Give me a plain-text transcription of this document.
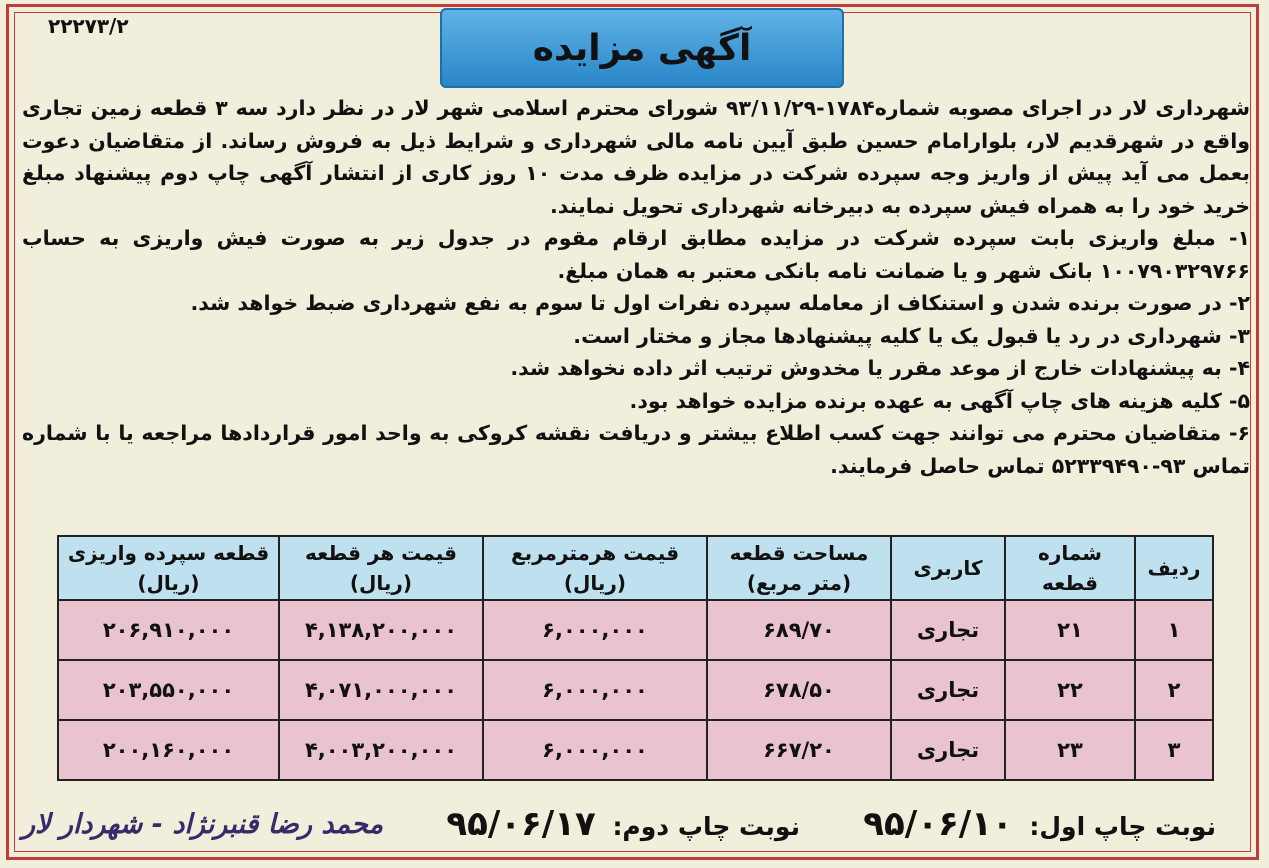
۲۲۲۷۳/۲
آگهی مزایده

شهرداری لار در اجرای مصوبه شماره۱۷۸۴-۹۳/۱۱/۲۹ شورای محترم اسلامی شهر لار در نظر دارد سه ۳ قطعه زمین تجاری واقع در شهرقدیم لار، بلوارامام حسین طبق آیین نامه مالی شهرداری و شرایط ذیل به فروش رساند. از متقاضیان دعوت بعمل می آید پیش از واریز وجه سپرده شرکت در مزایده ظرف مدت ۱۰ روز کاری از انتشار آگهی چاپ دوم پیشنهاد مبلغ خرید خود را به همراه فیش سپرده به دبیرخانه شهرداری تحویل نمایند.

۱- مبلغ واریزی بابت سپرده شرکت در مزایده مطابق ارقام مقوم در جدول زیر به صورت فیش واریزی به حساب ۱۰۰۷۹۰۳۲۹۷۶۶ بانک شهر و یا ضمانت نامه بانکی معتبر به همان مبلغ.

۲- در صورت برنده شدن و استنکاف از معامله سپرده نفرات اول تا سوم به نفع شهرداری ضبط خواهد شد.

۳- شهرداری در رد یا قبول یک یا کلیه پیشنهادها مجاز و مختار است.

۴- به پیشنهادات خارج از موعد مقرر یا مخدوش ترتیب اثر داده نخواهد شد.

۵- کلیه هزینه های چاپ آگهی به عهده برنده مزایده خواهد بود.

۶- متقاضیان محترم می توانند جهت کسب اطلاع بیشتر و دریافت نقشه کروکی به واحد امور قراردادها مراجعه یا با شماره تماس ۹۳-۵۲۳۳۹۴۹۰ تماس حاصل فرمایند.

ردیف	شماره قطعه	کاربری	مساحت قطعه (متر مربع)	قیمت هرمترمربع (ریال)	قیمت هر قطعه (ریال)	قطعه سپرده واریزی (ریال)
۱	۲۱	تجاری	۶۸۹/۷۰	۶,۰۰۰,۰۰۰	۴,۱۳۸,۲۰۰,۰۰۰	۲۰۶,۹۱۰,۰۰۰
۲	۲۲	تجاری	۶۷۸/۵۰	۶,۰۰۰,۰۰۰	۴,۰۷۱,۰۰۰,۰۰۰	۲۰۳,۵۵۰,۰۰۰
۳	۲۳	تجاری	۶۶۷/۲۰	۶,۰۰۰,۰۰۰	۴,۰۰۳,۲۰۰,۰۰۰	۲۰۰,۱۶۰,۰۰۰
نوبت چاپ اول: ۹۵/۰۶/۱۰
نوبت چاپ دوم: ۹۵/۰۶/۱۷
محمد رضا قنبرنژاد - شهردار لار
